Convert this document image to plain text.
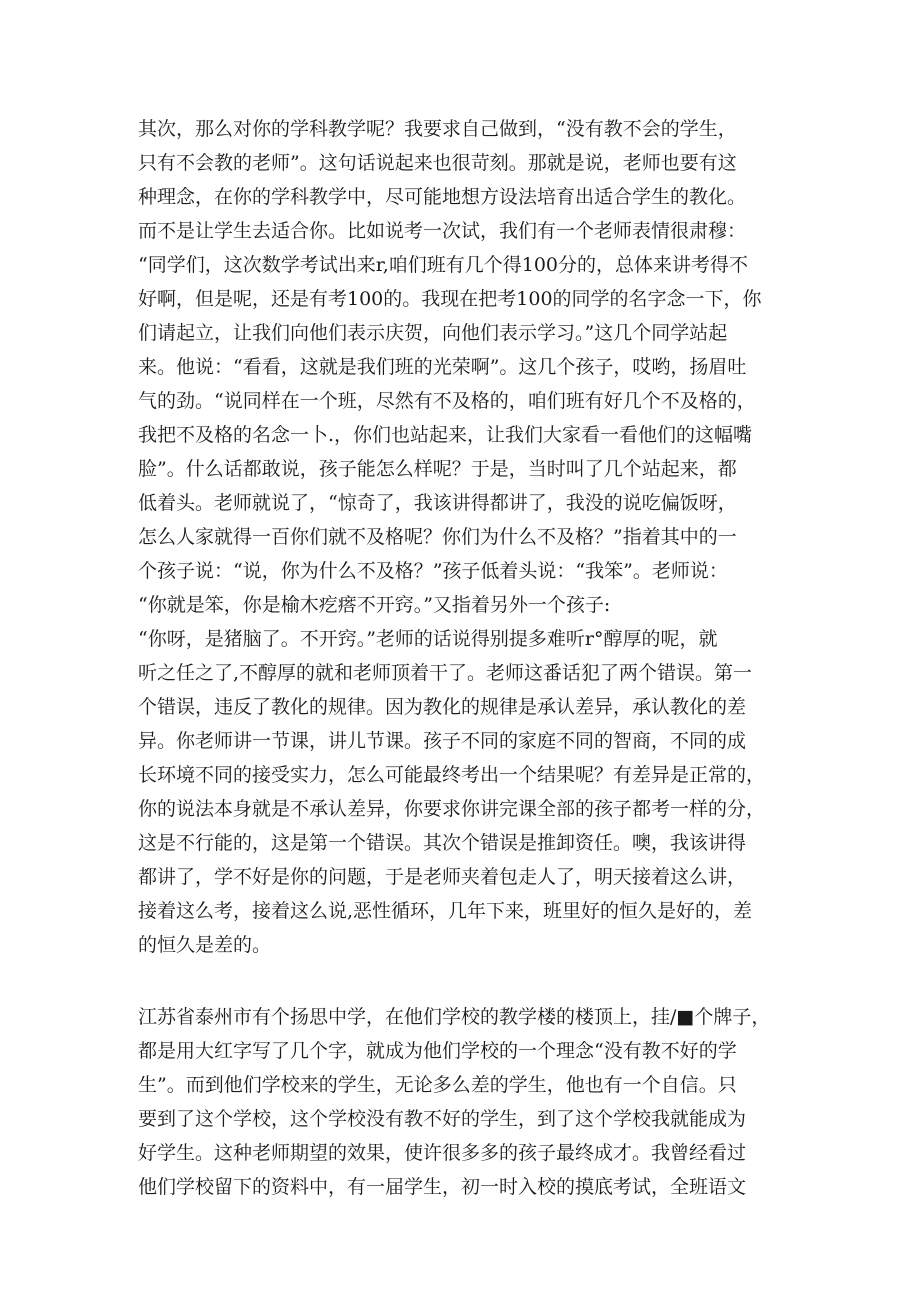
其次，那么对你的学科教学呢？我要求自己做到，“没有教不会的学生，
只有不会教的老师”。这句话说起来也很苛刻。那就是说，老师也要有这
种理念，在你的学科教学中，尽可能地想方设法培育出适合学生的教化。
而不是让学生去适合你。比如说考一次试，我们有一个老师表情很肃穆：
“同学们，这次数学考试出来r,咱们班有几个得100分的，总体来讲考得不
好啊，但是呢，还是有考100的。我现在把考100的同学的名字念一下，你
们请起立，让我们向他们表示庆贺，向他们表示学习。”这几个同学站起
来。他说：“看看，这就是我们班的光荣啊”。这几个孩子，哎哟，扬眉吐
气的劲。“说同样在一个班，尽然有不及格的，咱们班有好几个不及格的，
我把不及格的名念一卜.，你们也站起来，让我们大家看一看他们的这幅嘴
脸”。什么话都敢说，孩子能怎么样呢？于是，当时叫了几个站起来，都
低着头。老师就说了，“惊奇了，我该讲得都讲了，我没的说吃偏饭呀，
怎么人家就得一百你们就不及格呢？你们为什么不及格？”指着其中的一
个孩子说：“说，你为什么不及格？”孩子低着头说：“我笨”。老师说：
“你就是笨，你是榆木疙瘩不开窍。”又指着另外一个孩子:
“你呀，是猪脑了。不开窍。”老师的话说得别提多难听r°醇厚的呢，就
听之任之了,不醇厚的就和老师顶着干了。老师这番话犯了两个错误。第一
个错误，违反了教化的规律。因为教化的规律是承认差异，承认教化的差
异。你老师讲一节课，讲儿节课。孩子不同的家庭不同的智商，不同的成
长环境不同的接受实力，怎么可能最终考出一个结果呢？有差异是正常的，
你的说法本身就是不承认差异，你要求你讲完课全部的孩子都考一样的分，
这是不行能的，这是第一个错误。其次个错误是推卸资任。噢，我该讲得
都讲了，学不好是你的问题，于是老师夹着包走人了，明天接着这么讲，
接着这么考，接着这么说,恶性循环，几年下来，班里好的恒久是好的，差
的恒久是差的。
江苏省泰州市有个扬思中学，在他们学校的教学楼的楼顶上，挂/■个牌子，
都是用大红字写了几个字，就成为他们学校的一个理念“没有教不好的学
生”。而到他们学校来的学生，无论多么差的学生，他也有一个自信。只
要到了这个学校，这个学校没有教不好的学生，到了这个学校我就能成为
好学生。这种老师期望的效果，使许很多多的孩子最终成才。我曾经看过
他们学校留下的资料中，有一届学生，初一时入校的摸底考试，全班语文
